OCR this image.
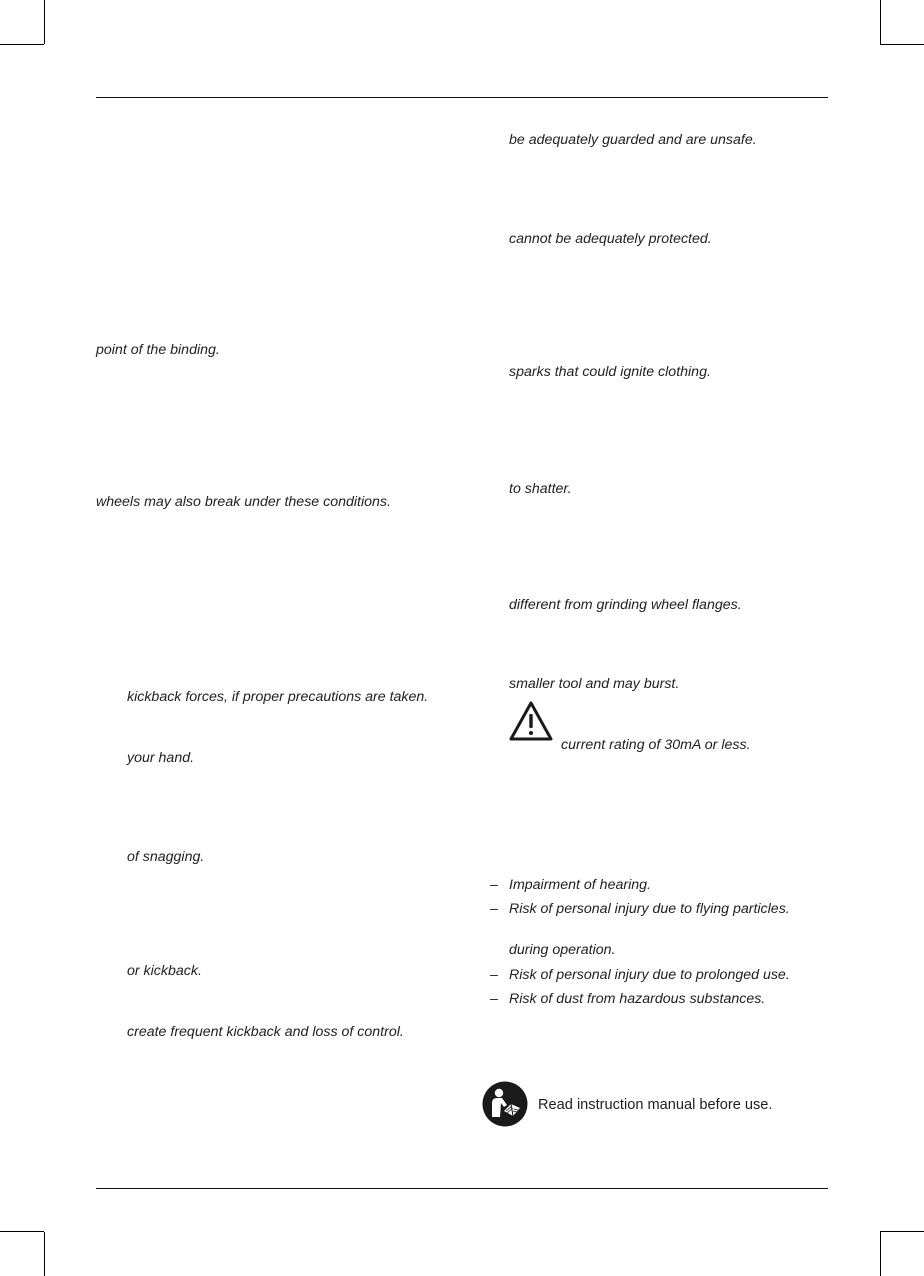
point of the binding.
wheels may also break under these conditions.
kickback forces, if proper precautions are taken.
your hand.
of snagging.
or kickback.
create frequent kickback and loss of control.
be adequately guarded and are unsafe.
cannot be adequately protected.
sparks that could ignite clothing.
to shatter.
different from grinding wheel flanges.
smaller tool and may burst.
current rating of 30mA or less.
– Impairment of hearing.
– Risk of personal injury due to flying particles.
during operation.
– Risk of personal injury due to prolonged use.
– Risk of dust from hazardous substances.
Read instruction manual before use.
